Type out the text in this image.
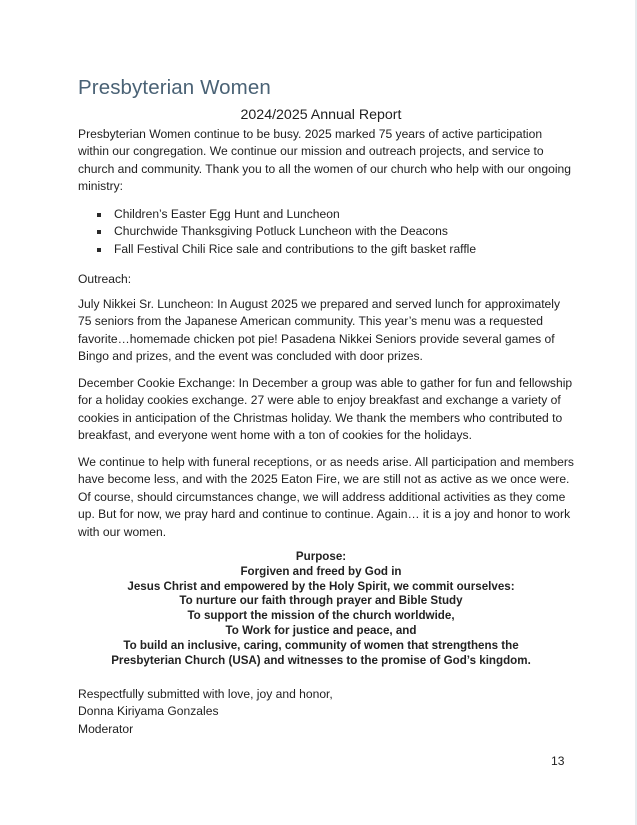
Presbyterian Women
2024/2025 Annual Report
Presbyterian Women continue to be busy. 2025 marked 75 years of active participation within our congregation. We continue our mission and outreach projects, and service to church and community. Thank you to all the women of our church who help with our ongoing ministry:
Children’s Easter Egg Hunt and Luncheon
Churchwide Thanksgiving Potluck Luncheon with the Deacons
Fall Festival Chili Rice sale and contributions to the gift basket raffle
Outreach:
July Nikkei Sr. Luncheon: In August 2025 we prepared and served lunch for approximately 75 seniors from the Japanese American community. This year’s menu was a requested favorite…homemade chicken pot pie! Pasadena Nikkei Seniors provide several games of Bingo and prizes, and the event was concluded with door prizes.
December Cookie Exchange: In December a group was able to gather for fun and fellowship for a holiday cookies exchange. 27 were able to enjoy breakfast and exchange a variety of cookies in anticipation of the Christmas holiday. We thank the members who contributed to breakfast, and everyone went home with a ton of cookies for the holidays.
We continue to help with funeral receptions, or as needs arise. All participation and members have become less, and with the 2025 Eaton Fire, we are still not as active as we once were. Of course, should circumstances change, we will address additional activities as they come up. But for now, we pray hard and continue to continue. Again… it is a joy and honor to work with our women.
Purpose:
Forgiven and freed by God in
Jesus Christ and empowered by the Holy Spirit, we commit ourselves:
To nurture our faith through prayer and Bible Study
To support the mission of the church worldwide,
To Work for justice and peace, and
To build an inclusive, caring, community of women that strengthens the
Presbyterian Church (USA) and witnesses to the promise of God’s kingdom.
Respectfully submitted with love, joy and honor,
Donna Kiriyama Gonzales
Moderator
13
